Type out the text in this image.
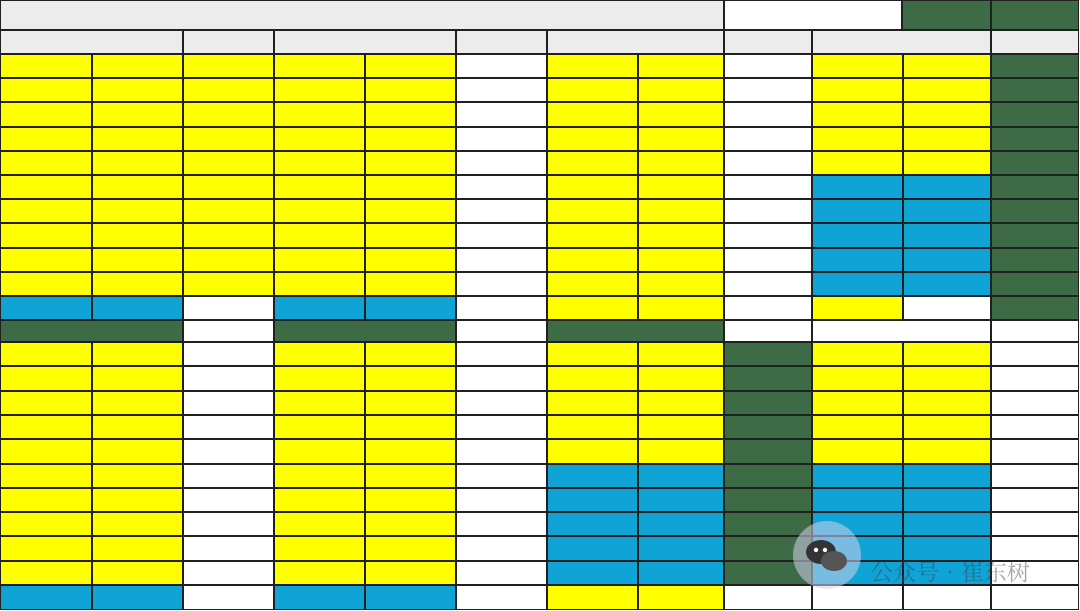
公众号 · 崔东树
